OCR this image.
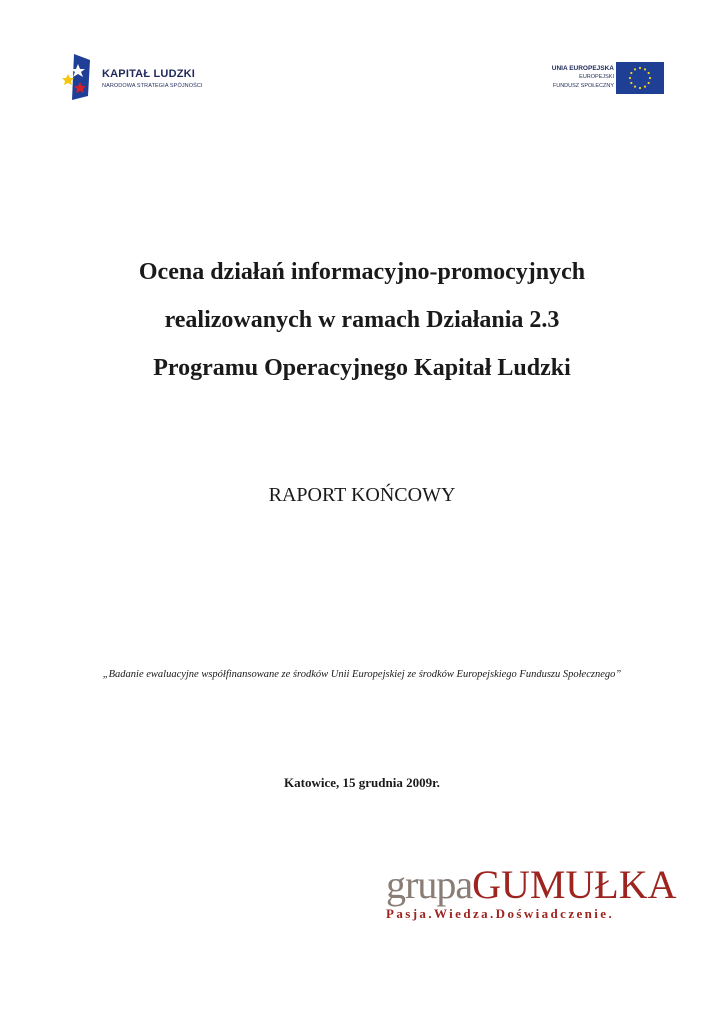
KAPITAŁ LUDZKI
NARODOWA STRATEGIA SPÓJNOŚCI
UNIA EUROPEJSKA
EUROPEJSKI
FUNDUSZ SPOŁECZNY
Ocena działań informacyjno-promocyjnych
realizowanych w ramach Działania 2.3
Programu Operacyjnego Kapitał Ludzki
RAPORT KOŃCOWY
„Badanie ewaluacyjne współfinansowane ze środków Unii Europejskiej ze środków Europejskiego Funduszu Społecznego”
Katowice, 15 grudnia 2009r.
grupaGUMUŁKA
Pasja.Wiedza.Doświadczenie.
